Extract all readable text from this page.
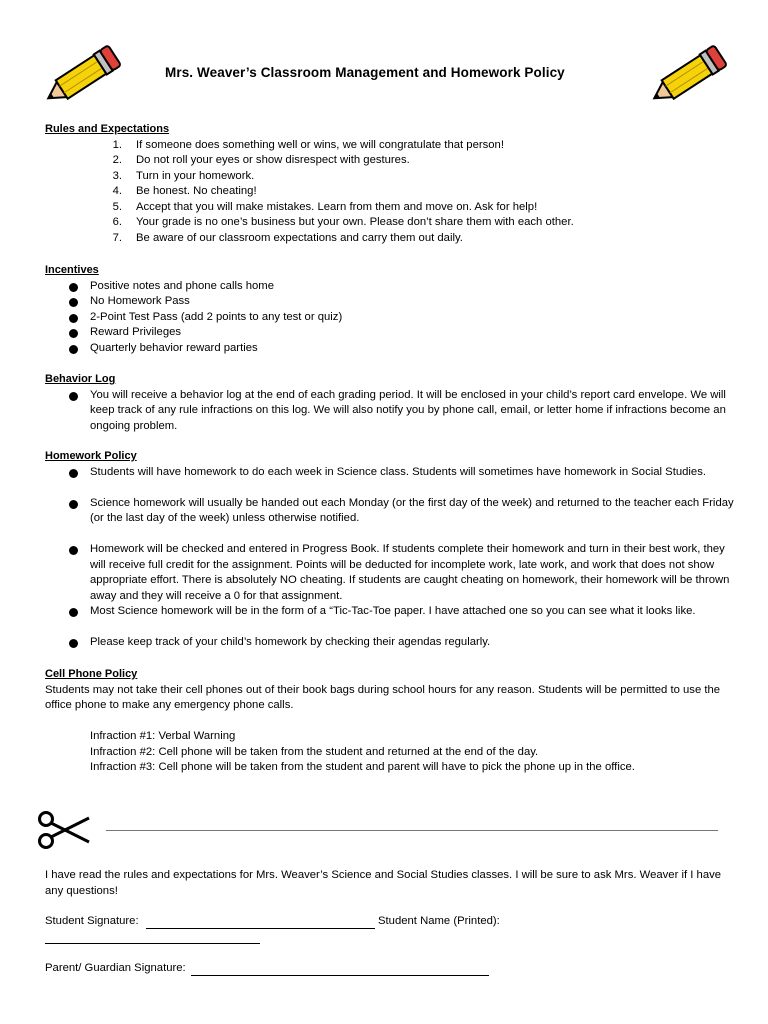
Mrs. Weaver’s Classroom Management and Homework Policy
Rules and Expectations
1. If someone does something well or wins, we will congratulate that person!
2. Do not roll your eyes or show disrespect with gestures.
3. Turn in your homework.
4. Be honest. No cheating!
5. Accept that you will make mistakes. Learn from them and move on. Ask for help!
6. Your grade is no one’s business but your own. Please don’t share them with each other.
7. Be aware of our classroom expectations and carry them out daily.
Incentives
Positive notes and phone calls home
No Homework Pass
2-Point Test Pass (add 2 points to any test or quiz)
Reward Privileges
Quarterly behavior reward parties
Behavior Log
You will receive a behavior log at the end of each grading period. It will be enclosed in your child’s report card envelope. We will keep track of any rule infractions on this log. We will also notify you by phone call, email, or letter home if infractions become an ongoing problem.
Homework Policy
Students will have homework to do each week in Science class. Students will sometimes have homework in Social Studies.
Science homework will usually be handed out each Monday (or the first day of the week) and returned to the teacher each Friday (or the last day of the week) unless otherwise notified.
Homework will be checked and entered in Progress Book. If students complete their homework and turn in their best work, they will receive full credit for the assignment. Points will be deducted for incomplete work, late work, and work that does not show appropriate effort. There is absolutely NO cheating. If students are caught cheating on homework, their homework will be thrown away and they will receive a 0 for that assignment.
Most Science homework will be in the form of a “Tic-Tac-Toe paper. I have attached one so you can see what it looks like.
Please keep track of your child’s homework by checking their agendas regularly.
Cell Phone Policy
Students may not take their cell phones out of their book bags during school hours for any reason. Students will be permitted to use the office phone to make any emergency phone calls.
Infraction #1: Verbal Warning
Infraction #2: Cell phone will be taken from the student and returned at the end of the day.
Infraction #3: Cell phone will be taken from the student and parent will have to pick the phone up in the office.
I have read the rules and expectations for Mrs. Weaver’s Science and Social Studies classes. I will be sure to ask Mrs. Weaver if I have any questions!
Student Signature:	Student Name (Printed):
Parent/ Guardian Signature:
